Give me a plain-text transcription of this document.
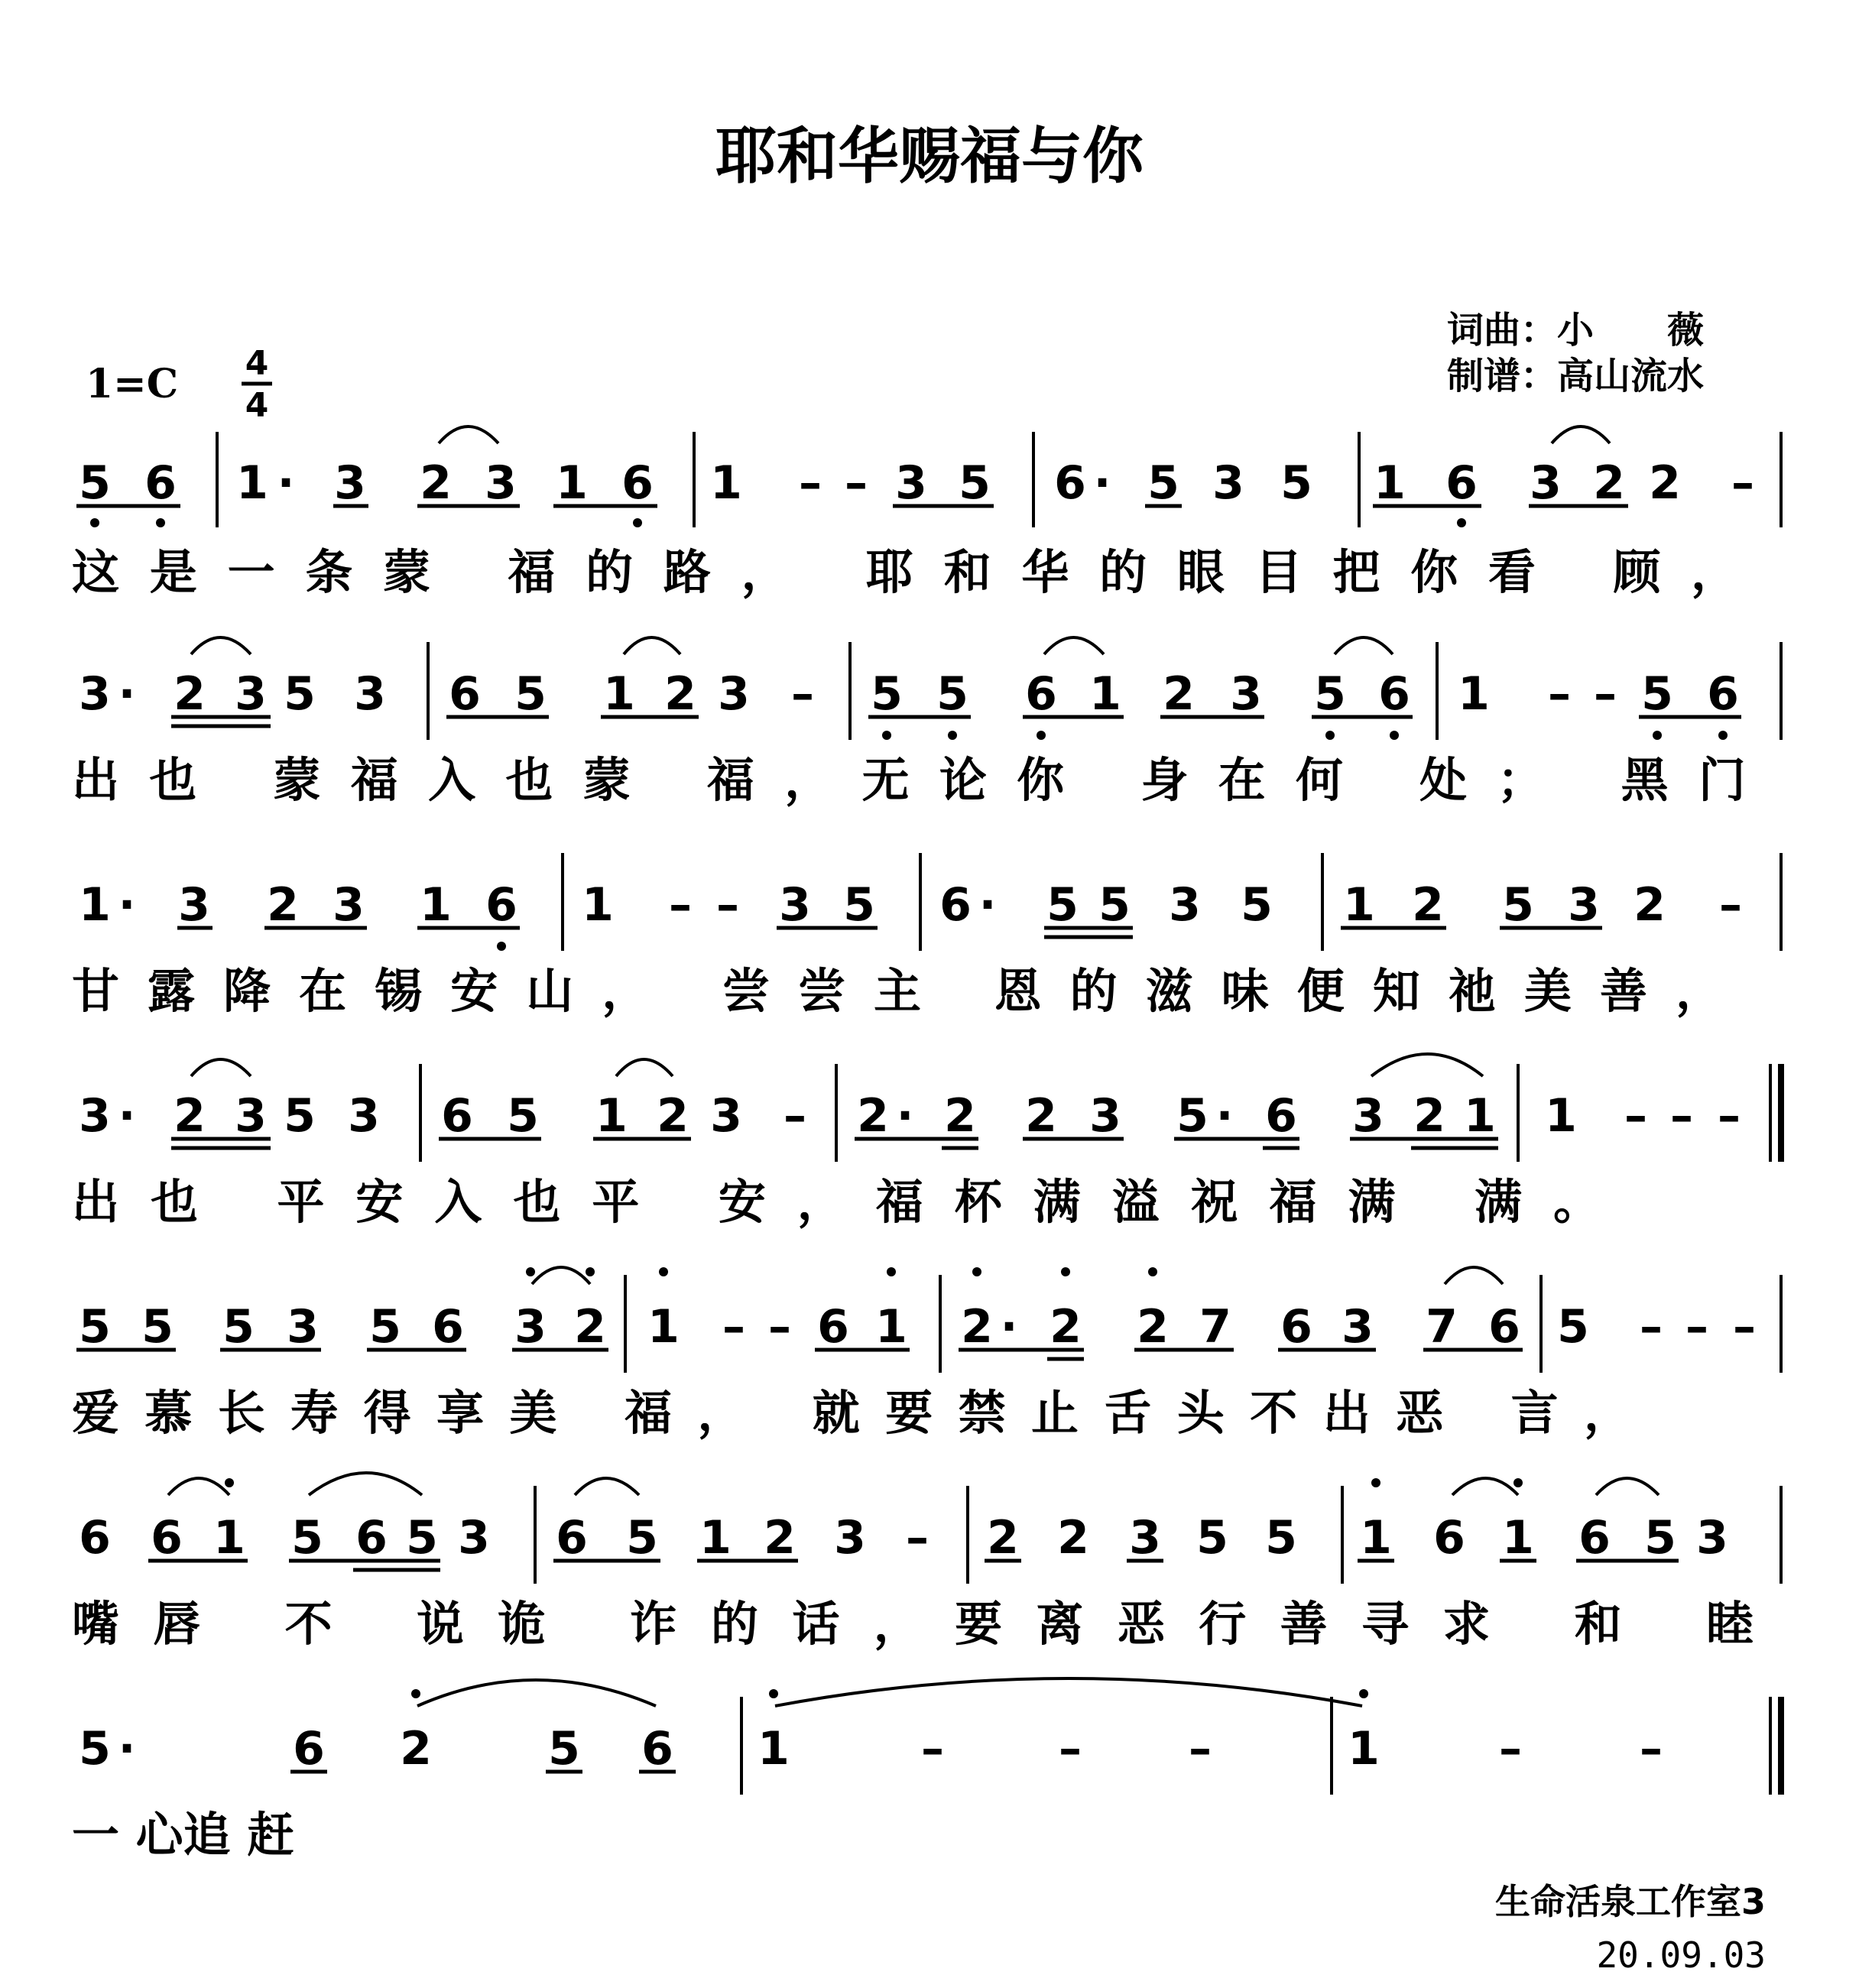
耶和华赐福与你
词曲：小　　薇
制谱：高山流水
1=C 4
4
5 6 1 · 3 2 3 1 6 1 – – 3 5 6 · 5 3 5 1 6 3 2 2 –
这是一条蒙 福的路， 耶和华的眼目把你看 顾，
3 · 2 3 5 3 6 5 1 2 3 – 5 5 6 1 2 3 5 6 1 – – 5 6
出也 蒙福入也蒙 福，无论你 身在何 处； 黑门
1 · 3 2 3 1 6 1 – – 3 5 6 · 5 5 3 5 1 2 5 3 2 –
甘露降在锡安山， 尝尝主 恩的滋味便知祂美善，
3 · 2 3 5 3 6 5 1 2 3 – 2 · 2 2 3 5 · 6 3 2 1 1 – – –
出也 平安入也平 安，福杯满溢祝福满 满。
5 5 5 3 5 6 3 2 1 – – 6 1 2 · 2 2 7 6 3 7 6 5 – – –
爱慕长寿得享美 福， 就要禁止舌头不出恶 言，
6 6 1 5 6 5 3 6 5 1 2 3 – 2 2 3 5 5 1 6 1 6 5 3
嘴唇 不 说诡 诈的话，要离恶行善寻求 和 睦
5 ·	6 2	5 6 1	–	– –	1	–	–
一 心追 赶
生命活泉工作室3
20.09.03
